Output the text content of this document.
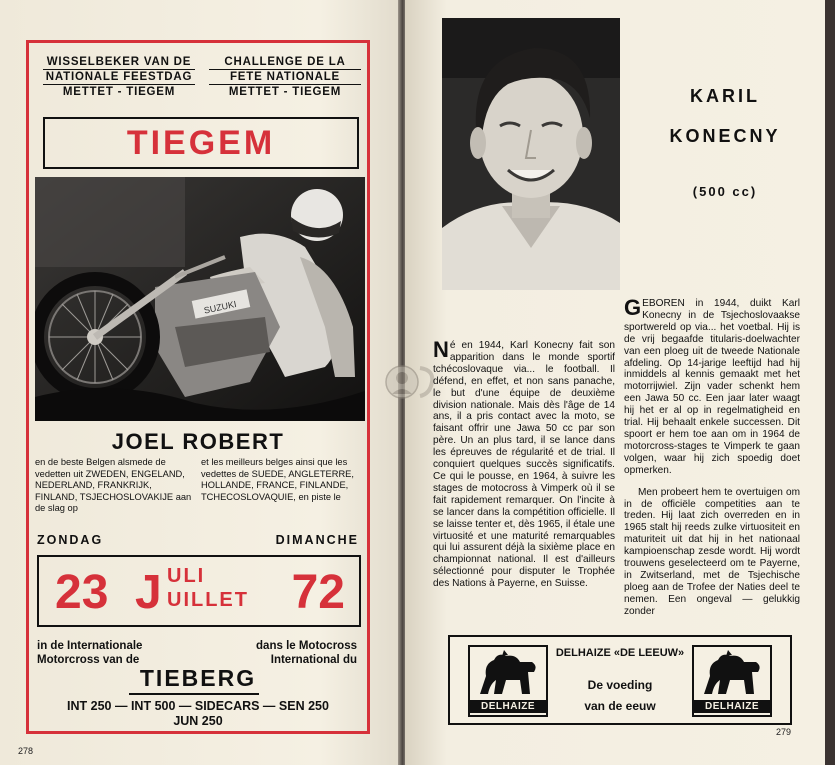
WISSELBEKER VAN DE
NATIONALE FEESTDAG
METTET - TIEGEM
CHALLENGE DE LA
FETE NATIONALE
METTET - TIEGEM
TIEGEM
SUZUKI
JOEL ROBERT
en de beste Belgen alsmede de vedetten uit ZWEDEN, ENGELAND, NEDERLAND, FRANKRIJK, FINLAND, TSJECHOSLOVAKIJE aan de slag op
et les meilleurs belges ainsi que les vedettes de SUEDE, ANGLETERRE, HOLLANDE, FRANCE, FINLANDE, TCHECOSLOVAQUIE, en piste le
ZONDAG	DIMANCHE
23 J ULI
UILLET 72
in de Internationale
Motorcross van de
dans le Motocross
International du
TIEBERG
INT 250 — INT 500 — SIDECARS — SEN 250
JUN 250
278
KARIL
KONECNY
(500 cc)
Né en 1944, Karl Konecny fait son apparition dans le monde sportif tchécoslovaque via... le football. Il défend, en effet, et non sans panache, le but d'une équipe de deuxième division nationale. Mais dès l'âge de 14 ans, il a pris contact avec la moto, se faisant offrir une Jawa 50 cc par son père. Un an plus tard, il se lance dans les épreuves de régularité et de trial. Il conquiert quelques succès significatifs. Ce qui le pousse, en 1964, à suivre les stages de motocross à Vimperk où il se fait rapidement remarquer. On l'incite à se lancer dans la compétition officielle. Il se laisse tenter et, dès 1965, il étale une virtuosité et une maturité remarquables qui lui assurent déjà la sixième place en championnat national. Il est d'ailleurs sélectionné pour disputer le Trophée des Nations à Payerne, en Suisse.

GEBOREN in 1944, duikt Karl Konecny in de Tsjechoslovaakse sportwereld op via... het voetbal. Hij is de vrij begaafde titularis-doelwachter van een ploeg uit de tweede Nationale afdeling. Op 14-jarige leeftijd had hij inmiddels al kennis gemaakt met het motorrijwiel. Zijn vader schenkt hem een Jawa 50 cc. Een jaar later waagt hij het er al op in regelmatigheid en trial. Hij behaalt enkele successen. Dit spoort er hem toe aan om in 1964 de motorcross-stages te Vimperk te gaan volgen, waar hij zich spoedig doet opmerken.

Men probeert hem te overtuigen om in de officiële competities aan te treden. Hij laat zich overreden en in 1965 stalt hij reeds zulke virtuositeit en maturiteit uit dat hij in het nationaal kampioenschap zesde wordt. Hij wordt trouwens geselecteerd om te Payerne, in Zwitserland, met de Tsjechische ploeg aan de Trofee der Naties deel te nemen. Een ongeval — gelukkig zonder

DELHAIZE
DELHAIZE «DE LEEUW»
De voeding
van de eeuw	DELHAIZE
279
